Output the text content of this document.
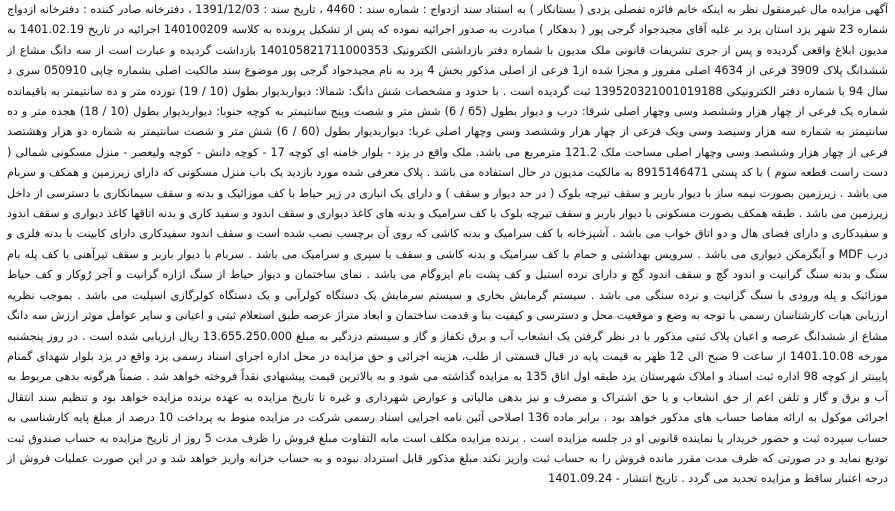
آگهی مزایده مال غیرمنقول نظر به اینکه خانم فائزه تفضلی یزدی ( بستانکار ) به استناد سند ازدواج : شماره سند : 4460 ، تاریخ سند : 1391/12/03 ، دفترخانه صادر کننده : دفترخانه ازدواج شماره 23 شهر یزد استان یزد بر علیه آقای مجیدجواد گرجی پور ( بدهکار ) مبادرت به صدور اجرائیه نموده که پس از تشکیل پرونده به کلاسه 140100209 اجرائیه در تاریخ 1401.02.19 به مدیون ابلاغ واقعی گردیده و پس از جری تشریفات قانونی ملک مدیون با شماره دفتر بازداشتی الکترونیک 140105821711000353 بازداشت گردیده و عبارت است از سه دانگ مشاع از ششدانگ پلاک 3909 فرعی از 4634 اصلی مفروز و مجزا شده از1 فرعی از اصلی مذکور بخش 4 یزد به نام مجیدجواد گرجی پور موضوع سند مالکیت اصلی بشماره چاپی 050910 سری د سال 94 با شماره دفتر الکترونیکی 139520321001019188 ثبت گردیده است . با حدود و مشخصات شش دانگ: شمالا: دیواربدیوار بطول (10 / 19) نوزده متر و ده سانتیمتر به باقیمانده شماره یک فرعی از چهار هزار وششصد وسی وچهار اصلی شرقا: درب و دیوار بطول (65 / 6) شش متر و شصت وپنج سانتیمتر به کوچه جنوبا: دیواربدیوار بطول (10 / 18) هجده متر و ده سانتیمتر به شماره سه هزار وسیصد وسی ویک فرعی از چهار هزار وششصد وسی وچهار اصلی غربا: دیواربدیوار بطول (60 / 6) شش متر و شصت سانتیمتر به شماره دو هزار وهشتصد فرعی از چهار هزار وششصد وسی وچهار اصلی مساحت ملک 121.2 مترمربع می باشد. ملک واقع در یزد - بلوار خامنه ای کوچه 17 - کوچه دانش - کوچه ولیعصر - منزل مسکونی شمالی ( دست راست قطعه سوم ) با کد پستی 8915146471 به مالکیت مدیون در حال استفاده می باشد . پلاک معرفی شده مورد بازدید یک باب منزل مسکونی که دارای زیرزمین و همکف و سربام می باشد . زیرزمین بصورت نیمه ساز با دیوار باربر و سقف تیرچه بلوک ( در حد دیوار و سقف ) و دارای یک انباری در زیر حیاط با کف موزائیک و بدنه و سقف سیمانکاری با دسترسی از داخل زیرزمین می باشد . طبقه همکف بصورت مسکونی با دیوار باربر و سقف تیرچه بلوک با کف سرامیک و بدنه های کاغذ دیواری و سقف اندود و سفید کاری و بدنه اتاقها کاغذ دیواری و سقف اندود و سفیدکاری و دارای فضای هال و دو اتاق خواب می باشد . آشپزخانه با کف سرامیک و بدنه کاشی که روی آن برچسب نصب شده است و سقف اندود سفیدکاری دارای کابینت با بدنه فلزی و درب MDF و آبگرمکن دیواری می باشد . سرویس بهداشتی و حمام با کف سرامیک و بدنه کاشی و سقف با سپری و سرامیک می باشد . سربام با دیوار باربر و سقف تیرآهنی با کف پله بام سنگ و بدنه سنگ گرانیت و اندود گچ و سقف اندود گچ و دارای نرده استیل و کف پشت بام ایزوگام می باشد . نمای ساختمان و دیوار حیاط از سنگ ازاره گرانیت و آجر رُوکار و کف حیاط موزائیک و پله ورودی با سنگ گرانیت و نرده سنگی می باشد . سیستم گرمایش بخاری و سیستم سرمایش یک دستگاه کولرآبی و یک دستگاه کولرگازی اسپلیت می باشد . بموجب نظریه ارزیابی هیات کارشناسان رسمی با توجه به وضع و موقعیت محل و دسترسی و کیفیت بنا و قدمت ساختمان و ابعاد متراژ عرصه طبق استعلام ثبتی و اعیانی و سایر عوامل موثر ارزش سه دانگ مشاع از ششدانگ عرصه و اعیان پلاک ثبتی مذکور با در نظر گرفتن یک انشعاب آب و برق تکفاز و گاز و سیستم دزدگیر به مبلغ 13.655.250.000 ریال ارزیابی شده است . در روز پنجشنبه مورخه 1401.10.08 از ساعت 9 صبح الی 12 ظهر به قیمت پایه در قبال قسمتی از طلب، هزینه اجرائی و حق مزایده در محل اداره اجرای اسناد رسمی یزد واقع در یزد بلوار شهدای گمنام پایینتر از کوچه 98 اداره ثبت اسناد و املاک شهرستان یزد طبقه اول اتاق 135 به مزایده گذاشته می شود و به بالاترین قیمت پیشنهادی نقداً فروخته خواهد شد . ضمناً هرگونه بدهی مربوط به آب و برق و گاز و تلفن اعم از حق انشعاب و یا حق اشتراک و مصرف و نیز بدهی مالیاتی و عوارض شهرداری و غیره تا تاریخ مزایده به عهده برنده مزایده خواهد بود و تنظیم سند انتقال اجرائی موکول به ارائه مفاصا حساب های مذکور خواهد بود . برابر ماده 136 اصلاحی آئین نامه اجرایی اسناد رسمی شرکت در مزایده منوط به پرداخت 10 درصد از مبلغ پایه کارشناسی به حساب سپرده ثبت و حضور خریدار یا نماینده قانونی او در جلسه مزایده است . برنده مزایده مکلف است مابه التفاوت مبلغ فروش را ظرف مدت 5 روز از تاریخ مزایده به حساب صندوق ثبت تودیع نماید و در صورتی که ظرف مدت مقرر مانده فروش را به حساب ثبت واریز نکند مبلغ مذکور قابل استرداد نبوده و به حساب خزانه واریز خواهد شد و در این صورت عملیات فروش از درجه اعتبار ساقط و مزایده تجدید می گردد . تاریخ انتشار - 1401.09.24
